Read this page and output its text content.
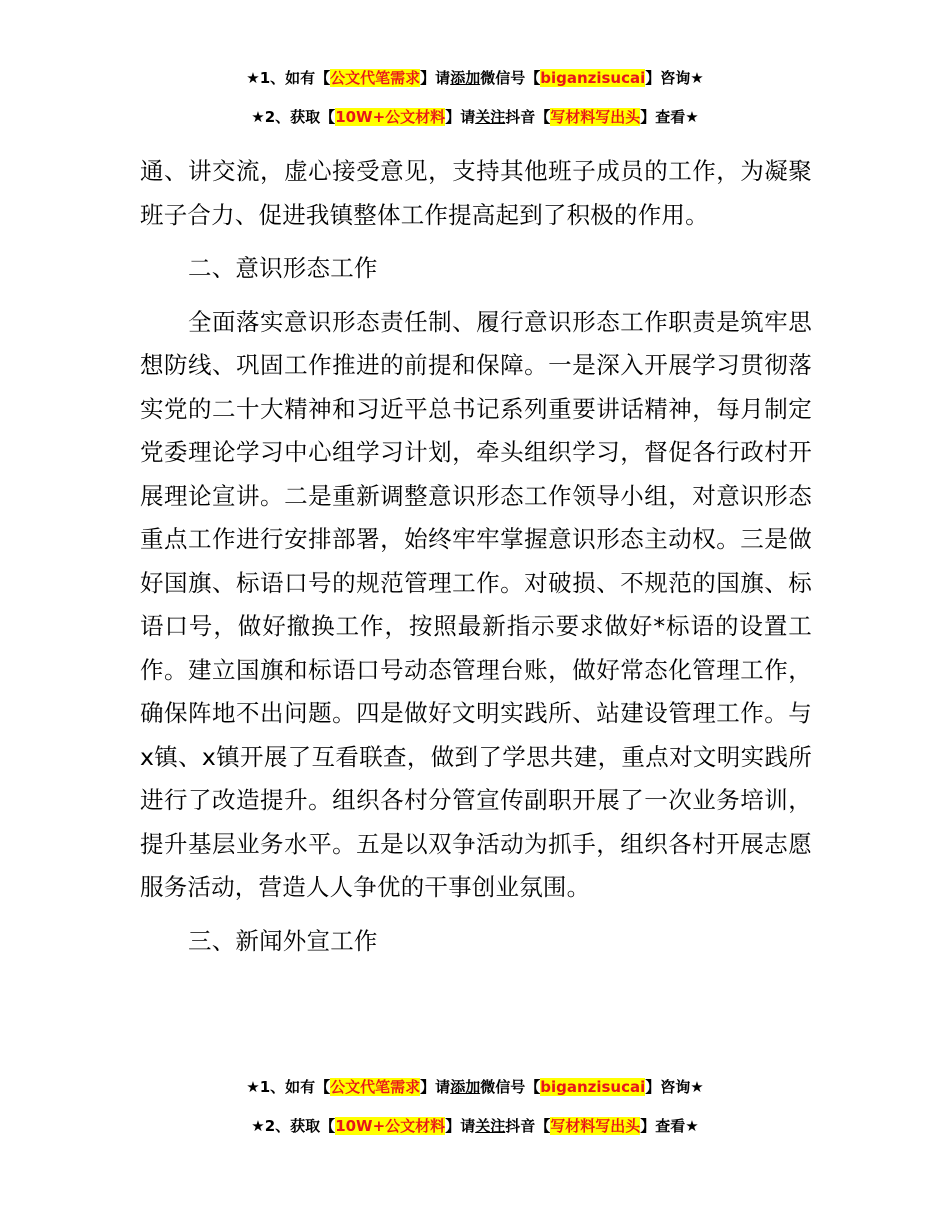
★1、如有【公文代笔需求】请添加微信号【biganzisucai】咨询★
★2、获取【10W+公文材料】请关注抖音【写材料写出头】查看★

通、讲交流，虚心接受意见，支持其他班子成员的工作，为凝聚班子合力、促进我镇整体工作提高起到了积极的作用。

二、意识形态工作

全面落实意识形态责任制、履行意识形态工作职责是筑牢思想防线、巩固工作推进的前提和保障。一是深入开展学习贯彻落实党的二十大精神和习近平总书记系列重要讲话精神，每月制定党委理论学习中心组学习计划，牵头组织学习，督促各行政村开展理论宣讲。二是重新调整意识形态工作领导小组，对意识形态重点工作进行安排部署，始终牢牢掌握意识形态主动权。三是做好国旗、标语口号的规范管理工作。对破损、不规范的国旗、标语口号，做好撤换工作，按照最新指示要求做好*标语的设置工作。建立国旗和标语口号动态管理台账，做好常态化管理工作，确保阵地不出问题。四是做好文明实践所、站建设管理工作。与x镇、x镇开展了互看联查，做到了学思共建，重点对文明实践所进行了改造提升。组织各村分管宣传副职开展了一次业务培训，提升基层业务水平。五是以双争活动为抓手，组织各村开展志愿服务活动，营造人人争优的干事创业氛围。

三、新闻外宣工作

★1、如有【公文代笔需求】请添加微信号【biganzisucai】咨询★
★2、获取【10W+公文材料】请关注抖音【写材料写出头】查看★
